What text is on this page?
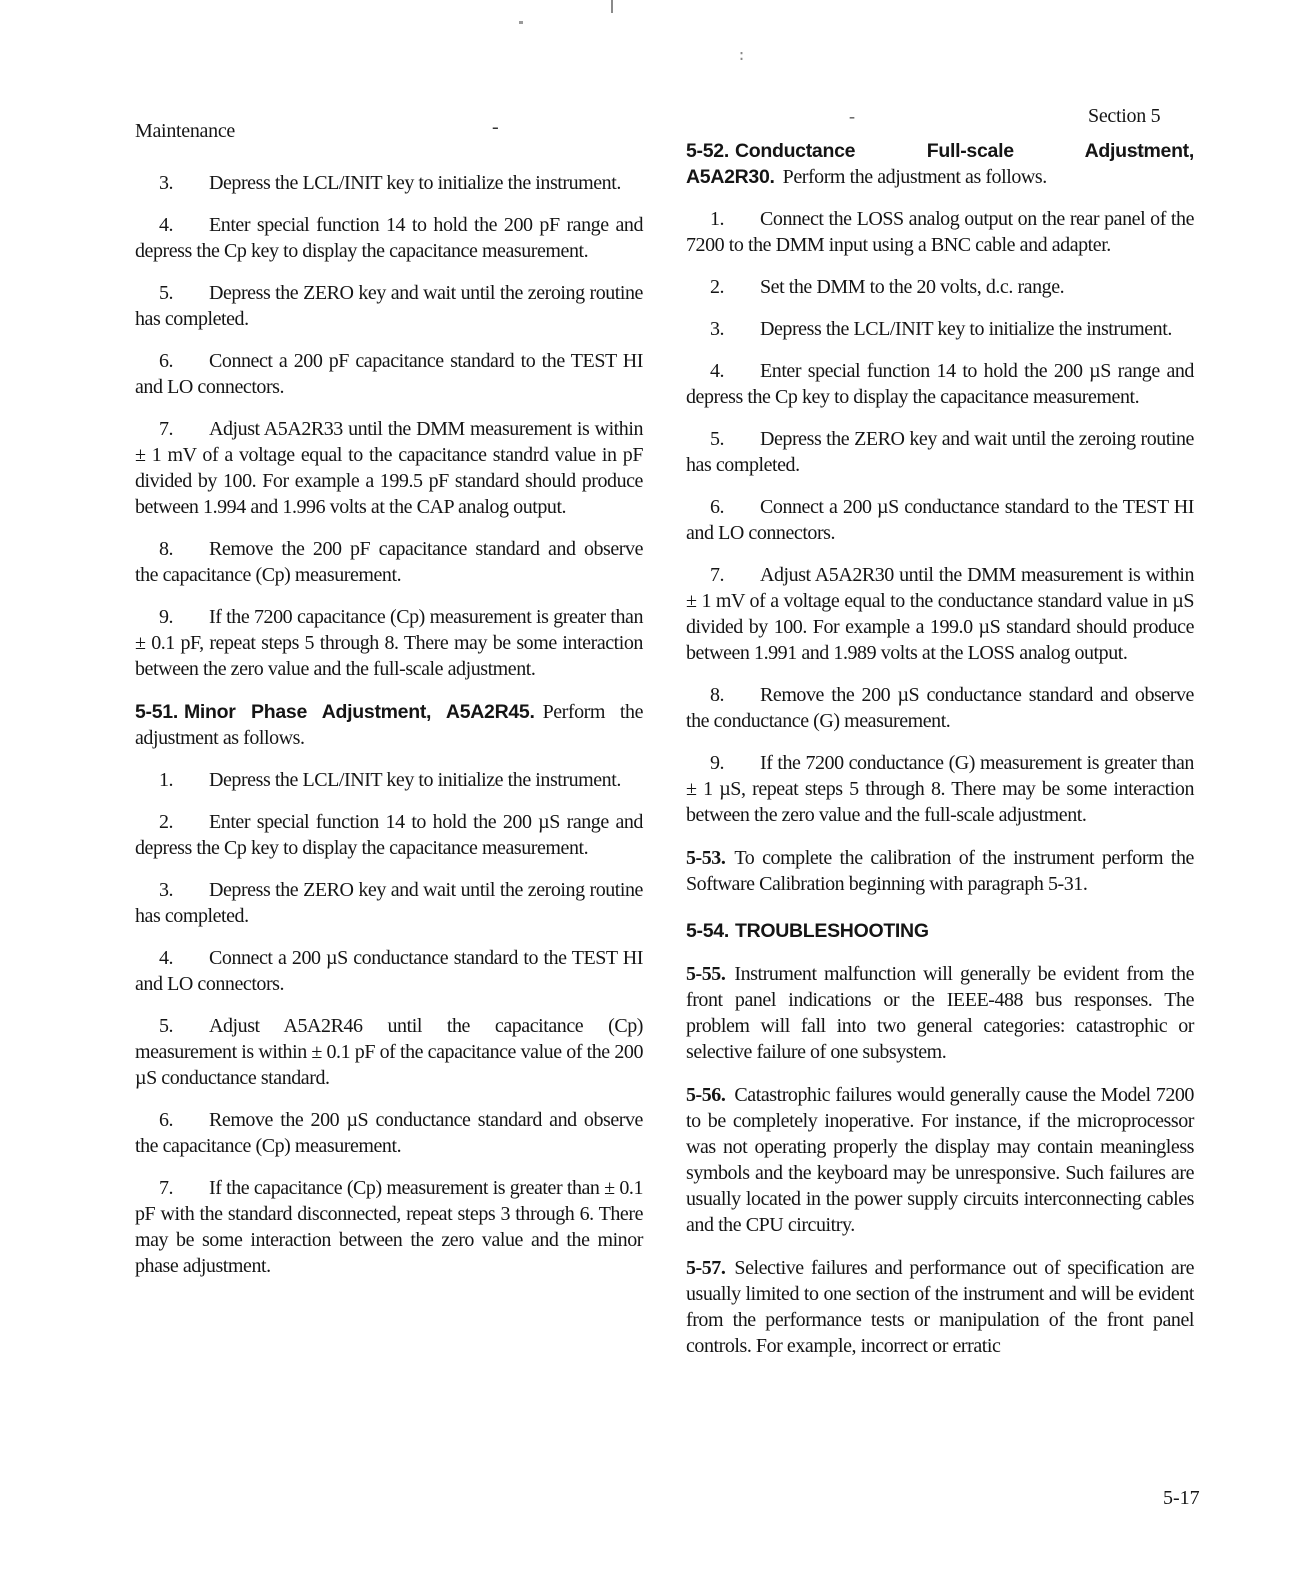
:
-	-
Maintenance
Section 5

3. Depress the LCL/INIT key to initialize the instrument.

4. Enter special function 14 to hold the 200 pF range and depress the Cp key to display the capacitance measurement.

5. Depress the ZERO key and wait until the zeroing routine has completed.

6. Connect a 200 pF capacitance standard to the TEST HI and LO connectors.

7. Adjust A5A2R33 until the DMM measurement is within ± 1 mV of a voltage equal to the capacitance standrd value in pF divided by 100. For example a 199.5 pF standard should produce between 1.994 and 1.996 volts at the CAP analog output.

8. Remove the 200 pF capacitance standard and observe the capacitance (Cp) measurement.

9. If the 7200 capacitance (Cp) measurement is greater than ± 0.1 pF, repeat steps 5 through 8. There may be some interaction between the zero value and the full-scale adjustment.

5-51. Minor Phase Adjustment, A5A2R45. Perform the adjustment as follows.

1. Depress the LCL/INIT key to initialize the instrument.

2. Enter special function 14 to hold the 200 µS range and depress the Cp key to display the capacitance measurement.

3. Depress the ZERO key and wait until the zeroing routine has completed.

4. Connect a 200 µS conductance standard to the TEST HI and LO connectors.

5. Adjust A5A2R46 until the capacitance (Cp) measurement is within ± 0.1 pF of the capacitance value of the 200 µS conductance standard.

6. Remove the 200 µS conductance standard and observe the capacitance (Cp) measurement.

7. If the capacitance (Cp) measurement is greater than ± 0.1 pF with the standard disconnected, repeat steps 3 through 6. There may be some interaction between the zero value and the minor phase adjustment.

5-52. Conductance Full-scale Adjustment, A5A2R30. Perform the adjustment as follows.

1. Connect the LOSS analog output on the rear panel of the 7200 to the DMM input using a BNC cable and adapter.

2. Set the DMM to the 20 volts, d.c. range.

3. Depress the LCL/INIT key to initialize the instrument.

4. Enter special function 14 to hold the 200 µS range and depress the Cp key to display the capacitance measurement.

5. Depress the ZERO key and wait until the zeroing routine has completed.

6. Connect a 200 µS conductance standard to the TEST HI and LO connectors.

7. Adjust A5A2R30 until the DMM measurement is within ± 1 mV of a voltage equal to the conductance standard value in µS divided by 100. For example a 199.0 µS standard should produce between 1.991 and 1.989 volts at the LOSS analog output.

8. Remove the 200 µS conductance standard and observe the conductance (G) measurement.

9. If the 7200 conductance (G) measurement is greater than ± 1 µS, repeat steps 5 through 8. There may be some interaction between the zero value and the full-scale adjustment.

5-53. To complete the calibration of the instrument perform the Software Calibration beginning with paragraph 5-31.

5-54. TROUBLESHOOTING

5-55. Instrument malfunction will generally be evident from the front panel indications or the IEEE-488 bus responses. The problem will fall into two general categories: catastrophic or selective failure of one subsystem.

5-56. Catastrophic failures would generally cause the Model 7200 to be completely inoperative. For instance, if the microprocessor was not operating properly the display may contain meaningless symbols and the keyboard may be unresponsive. Such failures are usually located in the power supply circuits interconnecting cables and the CPU circuitry.

5-57. Selective failures and performance out of specification are usually limited to one section of the instrument and will be evident from the performance tests or manipulation of the front panel controls. For example, incorrect or erratic

5-17
